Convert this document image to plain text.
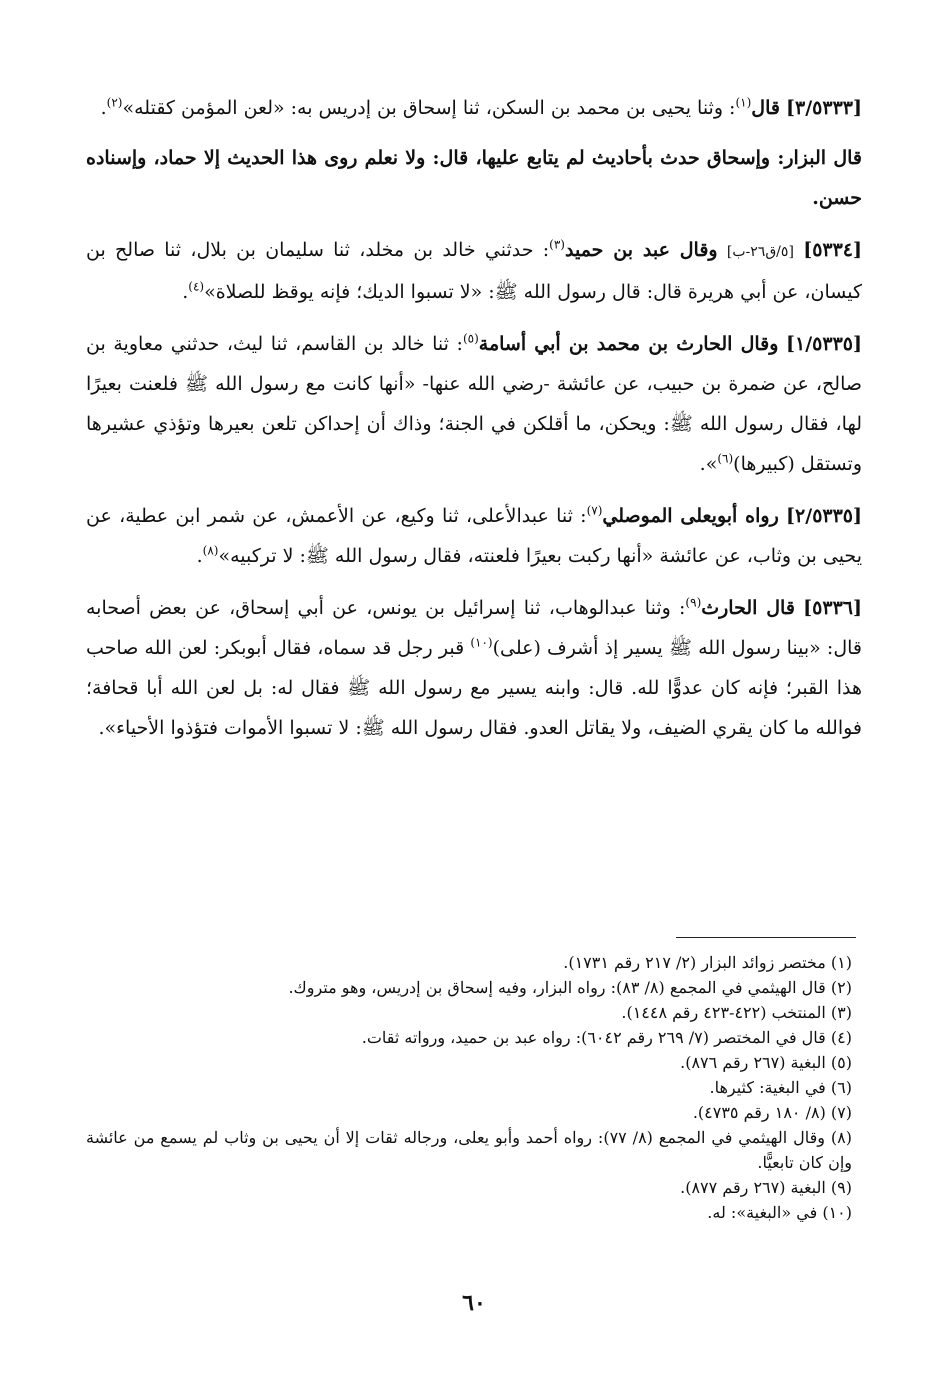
[٣/٥٣٣٣] قال$^{(١)}$: وثنا يحيى بن محمد بن السكن، ثنا إسحاق بن إدريس به: «لعن المؤمن كقتله»$^{(٢)}$.

قال البزار: وإسحاق حدث بأحاديث لم يتابع عليها، قال: ولا نعلم روى هذا الحديث إلا حماد، وإسناده حسن.

[٥٣٣٤] [٥/ق٢٦-ب] وقال عبد بن حميد$^{(٣)}$: حدثني خالد بن مخلد، ثنا سليمان بن بلال، ثنا صالح بن كيسان، عن أبي هريرة قال: قال رسول الله ﷺ: «لا تسبوا الديك؛ فإنه يوقظ للصلاة»$^{(٤)}$.

[١/٥٣٣٥] وقال الحارث بن محمد بن أبي أسامة$^{(٥)}$: ثنا خالد بن القاسم، ثنا ليث، حدثني معاوية بن صالح، عن ضمرة بن حبيب، عن عائشة -رضي الله عنها- «أنها كانت مع رسول الله ﷺ فلعنت بعيرًا لها، فقال رسول الله ﷺ: ويحكن، ما أقلكن في الجنة؛ وذاك أن إحداكن تلعن بعيرها وتؤذي عشيرها وتستقل (كبيرها)$^{(٦)}$».

[٢/٥٣٣٥] رواه أبويعلى الموصلي$^{(٧)}$: ثنا عبدالأعلى، ثنا وكيع، عن الأعمش، عن شمر ابن عطية، عن يحيى بن وثاب، عن عائشة «أنها ركبت بعيرًا فلعنته، فقال رسول الله ﷺ: لا تركبيه»$^{(٨)}$.

[٥٣٣٦] قال الحارث$^{(٩)}$: وثنا عبدالوهاب، ثنا إسرائيل بن يونس، عن أبي إسحاق، عن بعض أصحابه قال: «بينا رسول الله ﷺ يسير إذ أشرف (على)$^{(١٠)}$ قبر رجل قد سماه، فقال أبوبكر: لعن الله صاحب هذا القبر؛ فإنه كان عدوًّا لله. قال: وابنه يسير مع رسول الله ﷺ فقال له: بل لعن الله أبا قحافة؛ فوالله ما كان يقري الضيف، ولا يقاتل العدو. فقال رسول الله ﷺ: لا تسبوا الأموات فتؤذوا الأحياء».

(١) مختصر زوائد البزار (٢/ ٢١٧ رقم ١٧٣١).
(٢) قال الهيثمي في المجمع (٨/ ٨٣): رواه البزار، وفيه إسحاق بن إدريس، وهو متروك.
(٣) المنتخب (٤٢٢-٤٢٣ رقم ١٤٤٨).
(٤) قال في المختصر (٧/ ٢٦٩ رقم ٦٠٤٢): رواه عبد بن حميد، ورواته ثقات.
(٥) البغية (٢٦٧ رقم ٨٧٦).
(٦) في البغية: كثيرها.
(٧) (٨/ ١٨٠ رقم ٤٧٣٥).
(٨) وقال الهيثمي في المجمع (٨/ ٧٧): رواه أحمد وأبو يعلى، ورجاله ثقات إلا أن يحيى بن وثاب لم يسمع من عائشة وإن كان تابعيًّا.
(٩) البغية (٢٦٧ رقم ٨٧٧).
(١٠) في «البغية»: له.
٦٠
